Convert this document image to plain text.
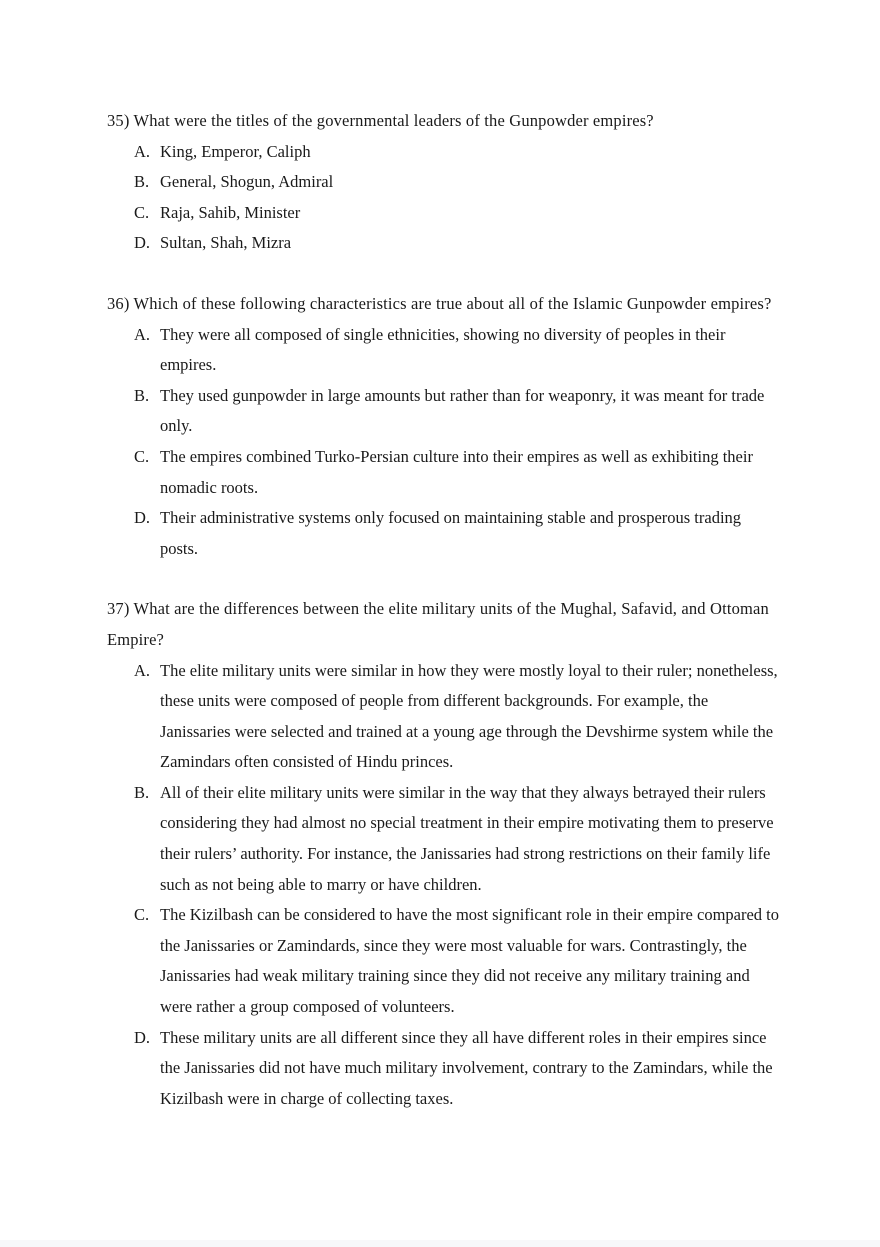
35) What were the titles of the governmental leaders of the Gunpowder empires?

A. King, Emperor, Caliph
B. General, Shogun, Admiral
C. Raja, Sahib, Minister
D. Sultan, Shah, Mizra

36) Which of these following characteristics are true about all of the Islamic Gunpowder empires?

A. They were all composed of single ethnicities, showing no diversity of peoples in their empires.
B. They used gunpowder in large amounts but rather than for weaponry, it was meant for trade only.
C. The empires combined Turko-Persian culture into their empires as well as exhibiting their nomadic roots.
D. Their administrative systems only focused on maintaining stable and prosperous trading posts.

37) What are the differences between the elite military units of the Mughal, Safavid, and Ottoman Empire?

A. The elite military units were similar in how they were mostly loyal to their ruler; nonetheless, these units were composed of people from different backgrounds. For example, the Janissaries were selected and trained at a young age through the Devshirme system while the Zamindars often consisted of Hindu princes.
B. All of their elite military units were similar in the way that they always betrayed their rulers considering they had almost no special treatment in their empire motivating them to preserve their rulers’ authority. For instance, the Janissaries had strong restrictions on their family life such as not being able to marry or have children.
C. The Kizilbash can be considered to have the most significant role in their empire compared to the Janissaries or Zamindards, since they were most valuable for wars. Contrastingly, the Janissaries had weak military training since they did not receive any military training and were rather a group composed of volunteers.
D. These military units are all different since they all have different roles in their empires since the Janissaries did not have much military involvement, contrary to the Zamindars, while the Kizilbash were in charge of collecting taxes.
